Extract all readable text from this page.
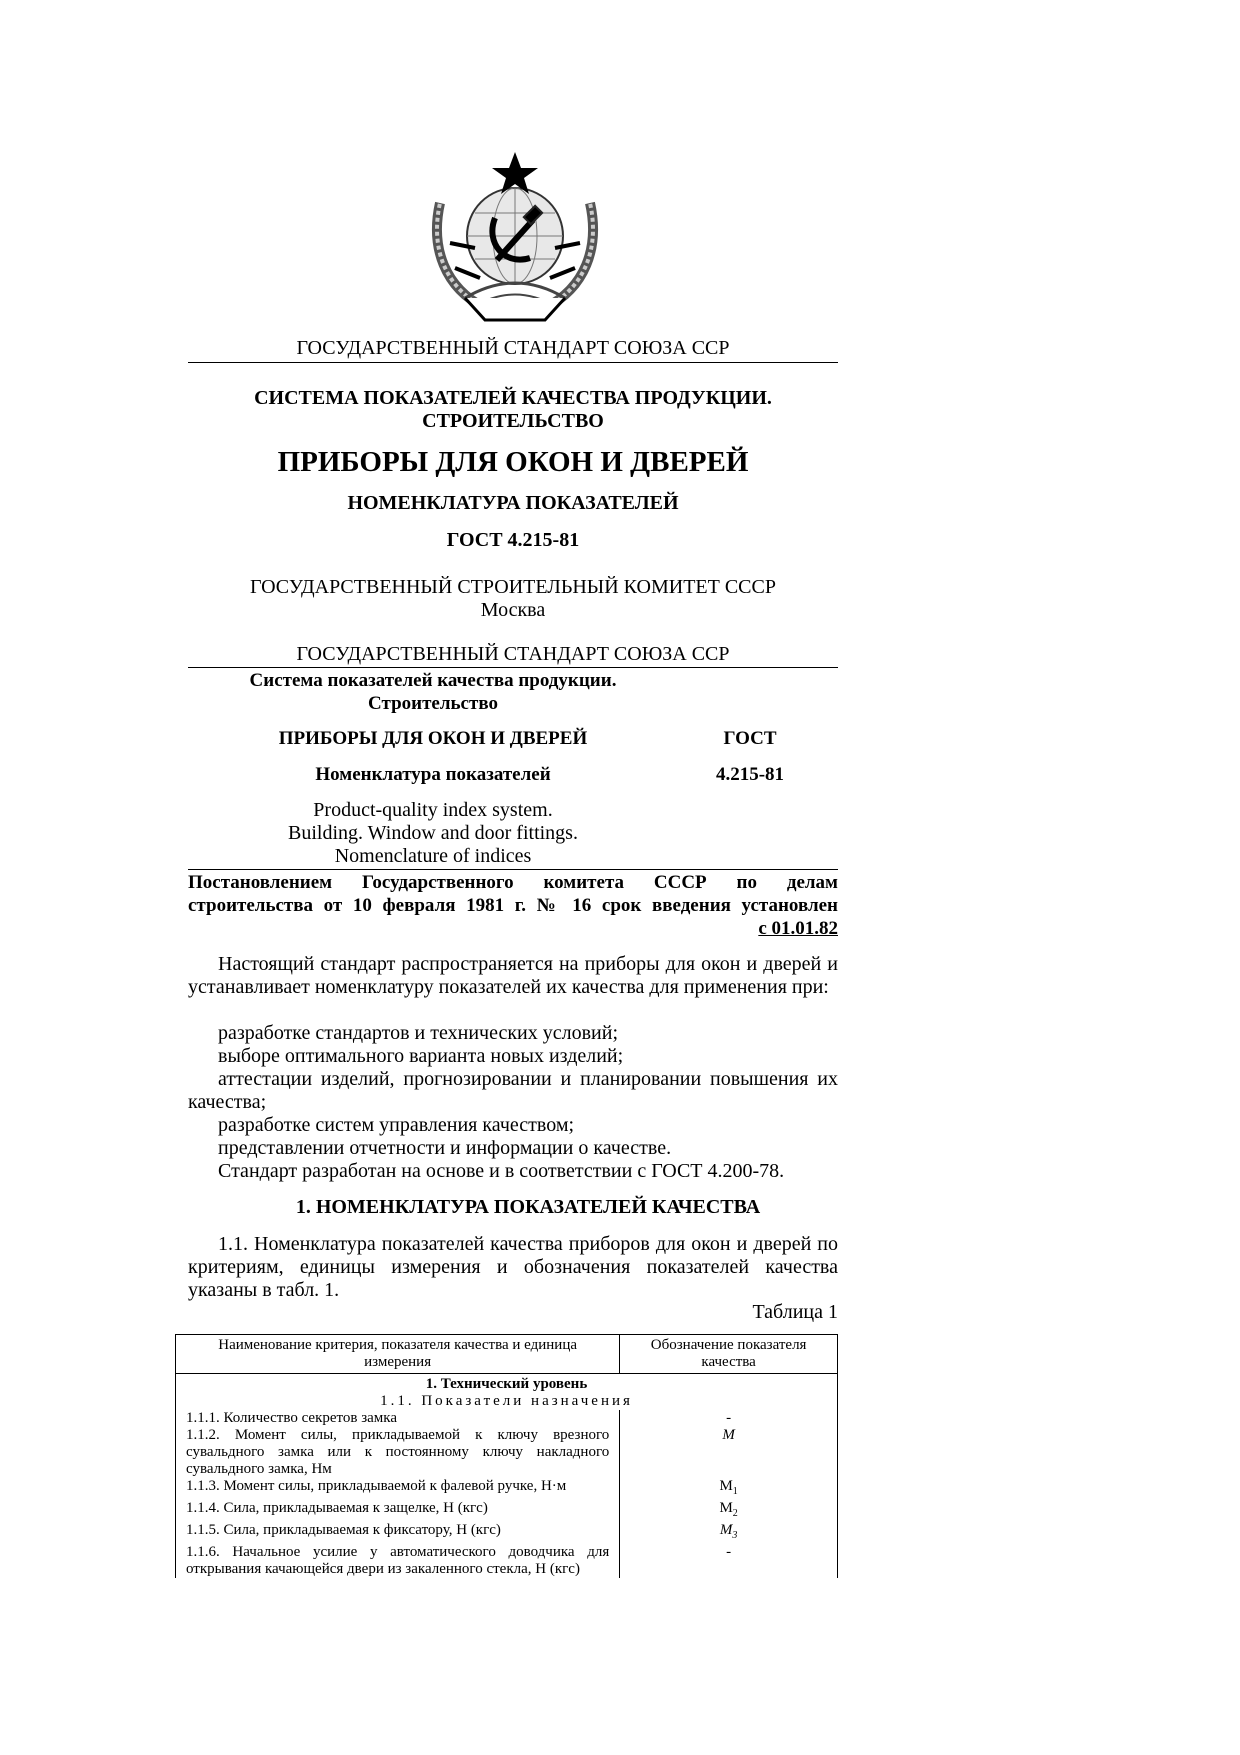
ГОСУДАРСТВЕННЫЙ СТАНДАРТ СОЮЗА ССР
СИСТЕМА ПОКАЗАТЕЛЕЙ КАЧЕСТВА ПРОДУКЦИИ.
СТРОИТЕЛЬСТВО
ПРИБОРЫ ДЛЯ ОКОН И ДВЕРЕЙ
НОМЕНКЛАТУРА ПОКАЗАТЕЛЕЙ
ГОСТ 4.215-81
ГОСУДАРСТВЕННЫЙ СТРОИТЕЛЬНЫЙ КОМИТЕТ СССР
Москва
ГОСУДАРСТВЕННЫЙ СТАНДАРТ СОЮЗА ССР
Система показателей качества продукции.
Строительство
ПРИБОРЫ ДЛЯ ОКОН И ДВЕРЕЙ	ГОСТ
Номенклатура показателей	4.215-81
Product-quality index system.
Building. Window and door fittings.
Nomenclature of indices
Постановлением Государственного комитета СССР по делам строительства от 10 февраля 1981 г. № 16 срок введения установлен
с 01.01.82
Настоящий стандарт распространяется на приборы для окон и дверей и устанавливает номенклатуру показателей их качества для применения при:
разработке стандартов и технических условий;
выборе оптимального варианта новых изделий;
аттестации изделий, прогнозировании и планировании повышения их качества;
разработке систем управления качеством;
представлении отчетности и информации о качестве.
Стандарт разработан на основе и в соответствии с ГОСТ 4.200-78.
1. НОМЕНКЛАТУРА ПОКАЗАТЕЛЕЙ КАЧЕСТВА
1.1. Номенклатура показателей качества приборов для окон и дверей по критериям, единицы измерения и обозначения показателей качества указаны в табл. 1.
Таблица 1
Наименование критерия, показателя качества и единица измерения	Обозначение показателя качества
1. Технический уровень	
1.1. Показатели назначения	
1.1.1. Количество секретов замка	-
1.1.2. Момент силы, прикладываемой к ключу врезного сувальдного замка или к постоянному ключу накладного сувальдного замка, Нм	M
1.1.3. Момент силы, прикладываемой к фалевой ручке, Н·м	$M_1$
1.1.4. Сила, прикладываемая к защелке, Н (кгс)	$M_2$
1.1.5. Сила, прикладываемая к фиксатору, Н (кгс)	$M_3$
1.1.6. Начальное усилие у автоматического доводчика для открывания качающейся двери из закаленного стекла, Н (кгс)	-
